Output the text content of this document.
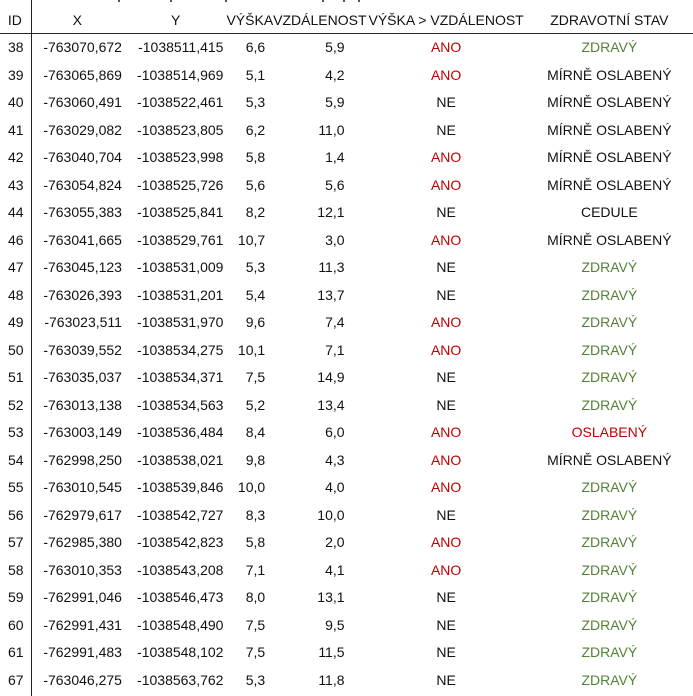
ID	X	Y	VÝŠKA	VZDÁLENOST	VÝŠKA > VZDÁLENOST	ZDRAVOTNÍ STAV
38	-763070,672	-1038511,415	6,6	5,9	ANO	ZDRAVÝ
39	-763065,869	-1038514,969	5,1	4,2	ANO	MÍRNĚ OSLABENÝ
40	-763060,491	-1038522,461	5,3	5,9	NE	MÍRNĚ OSLABENÝ
41	-763029,082	-1038523,805	6,2	11,0	NE	MÍRNĚ OSLABENÝ
42	-763040,704	-1038523,998	5,8	1,4	ANO	MÍRNĚ OSLABENÝ
43	-763054,824	-1038525,726	5,6	5,6	ANO	MÍRNĚ OSLABENÝ
44	-763055,383	-1038525,841	8,2	12,1	NE	CEDULE
46	-763041,665	-1038529,761	10,7	3,0	ANO	MÍRNĚ OSLABENÝ
47	-763045,123	-1038531,009	5,3	11,3	NE	ZDRAVÝ
48	-763026,393	-1038531,201	5,4	13,7	NE	ZDRAVÝ
49	-763023,511	-1038531,970	9,6	7,4	ANO	ZDRAVÝ
50	-763039,552	-1038534,275	10,1	7,1	ANO	ZDRAVÝ
51	-763035,037	-1038534,371	7,5	14,9	NE	ZDRAVÝ
52	-763013,138	-1038534,563	5,2	13,4	NE	ZDRAVÝ
53	-763003,149	-1038536,484	8,4	6,0	ANO	OSLABENÝ
54	-762998,250	-1038538,021	9,8	4,3	ANO	MÍRNĚ OSLABENÝ
55	-763010,545	-1038539,846	10,0	4,0	ANO	ZDRAVÝ
56	-762979,617	-1038542,727	8,3	10,0	NE	ZDRAVÝ
57	-762985,380	-1038542,823	5,8	2,0	ANO	ZDRAVÝ
58	-763010,353	-1038543,208	7,1	4,1	ANO	ZDRAVÝ
59	-762991,046	-1038546,473	8,0	13,1	NE	ZDRAVÝ
60	-762991,431	-1038548,490	7,5	9,5	NE	ZDRAVÝ
61	-762991,483	-1038548,102	7,5	11,5	NE	ZDRAVÝ
67	-763046,275	-1038563,762	5,3	11,8	NE	ZDRAVÝ
